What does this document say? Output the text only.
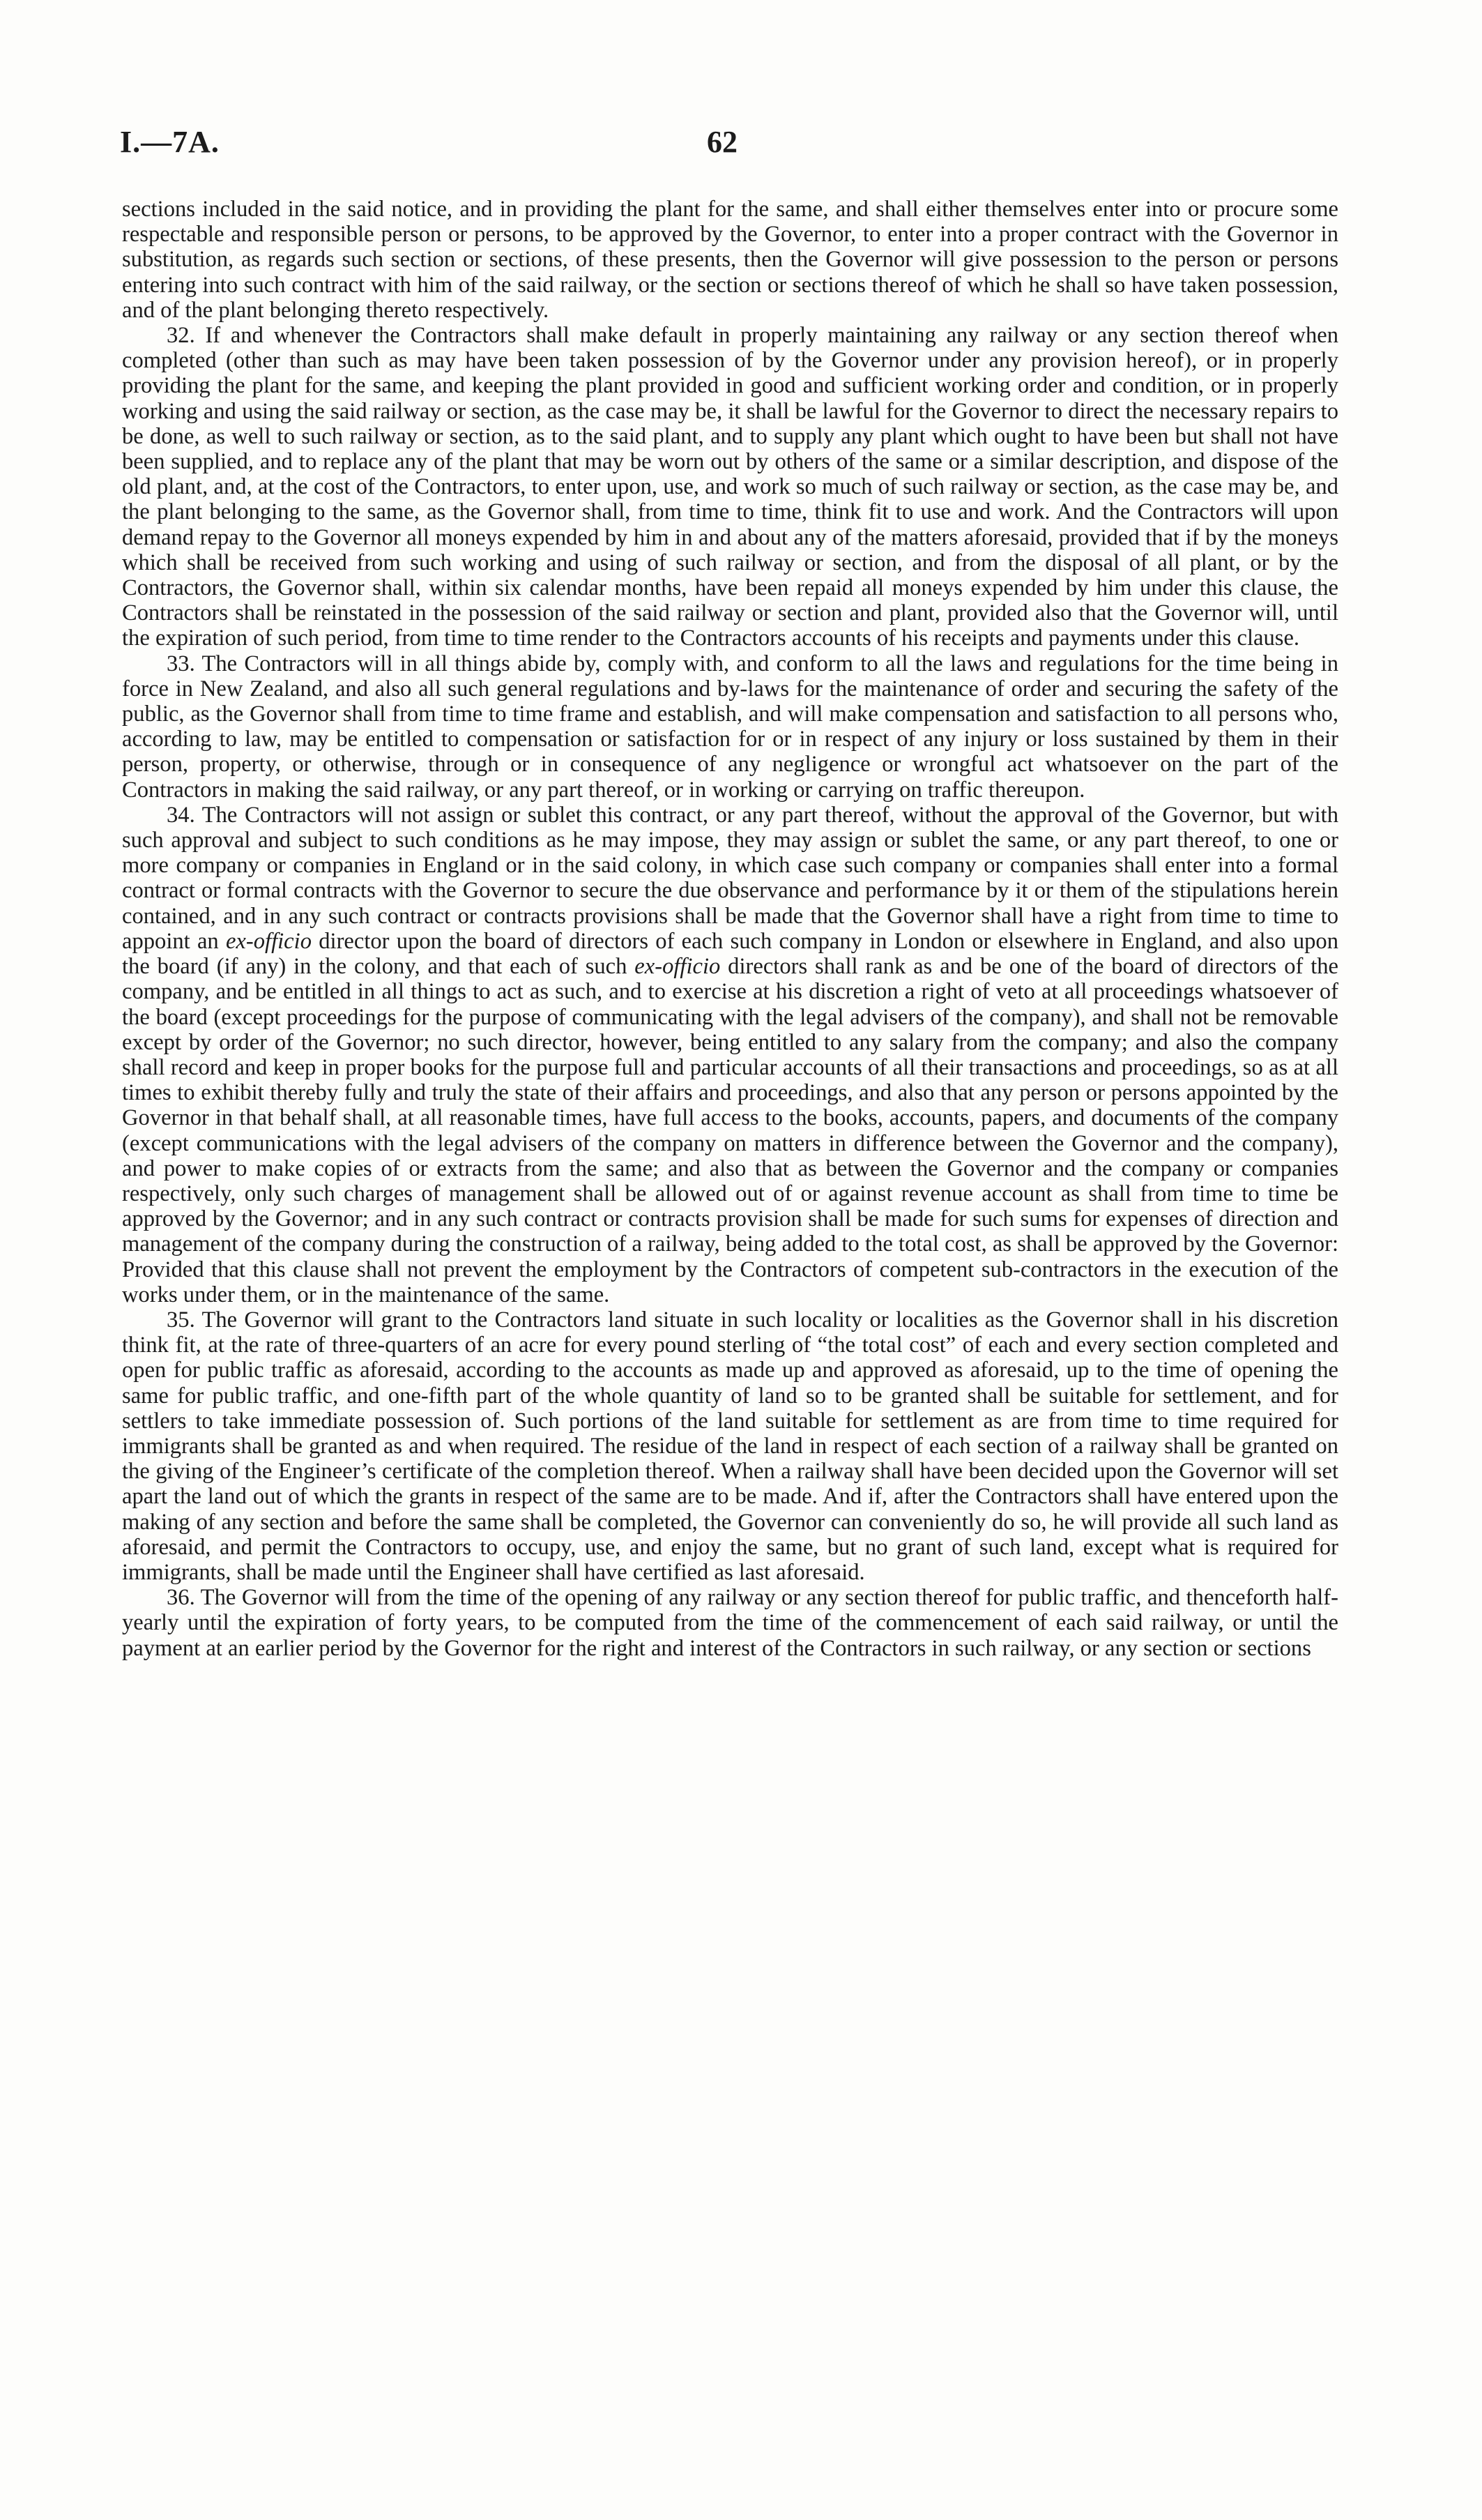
I.—7A.	62

sections included in the said notice, and in providing the plant for the same, and shall either themselves enter into or procure some respectable and responsible person or persons, to be approved by the Governor, to enter into a proper contract with the Governor in substitution, as regards such section or sections, of these presents, then the Governor will give possession to the person or persons entering into such contract with him of the said railway, or the section or sections thereof of which he shall so have taken possession, and of the plant belonging thereto respectively.

32. If and whenever the Contractors shall make default in properly maintaining any railway or any section thereof when completed (other than such as may have been taken possession of by the Governor under any provision hereof), or in properly providing the plant for the same, and keeping the plant provided in good and sufficient working order and condition, or in properly working and using the said railway or section, as the case may be, it shall be lawful for the Governor to direct the necessary repairs to be done, as well to such railway or section, as to the said plant, and to supply any plant which ought to have been but shall not have been supplied, and to replace any of the plant that may be worn out by others of the same or a similar description, and dispose of the old plant, and, at the cost of the Contractors, to enter upon, use, and work so much of such railway or section, as the case may be, and the plant belonging to the same, as the Governor shall, from time to time, think fit to use and work. And the Contractors will upon demand repay to the Governor all moneys expended by him in and about any of the matters aforesaid, provided that if by the moneys which shall be received from such working and using of such railway or section, and from the disposal of all plant, or by the Contractors, the Governor shall, within six calendar months, have been repaid all moneys expended by him under this clause, the Contractors shall be reinstated in the possession of the said railway or section and plant, provided also that the Governor will, until the expiration of such period, from time to time render to the Contractors accounts of his receipts and payments under this clause.

33. The Contractors will in all things abide by, comply with, and conform to all the laws and regulations for the time being in force in New Zealand, and also all such general regulations and by-laws for the maintenance of order and securing the safety of the public, as the Governor shall from time to time frame and establish, and will make compensation and satisfaction to all persons who, according to law, may be entitled to compensation or satisfaction for or in respect of any injury or loss sustained by them in their person, property, or otherwise, through or in consequence of any negligence or wrongful act whatsoever on the part of the Contractors in making the said railway, or any part thereof, or in working or carrying on traffic thereupon.

34. The Contractors will not assign or sublet this contract, or any part thereof, without the approval of the Governor, but with such approval and subject to such conditions as he may impose, they may assign or sublet the same, or any part thereof, to one or more company or companies in England or in the said colony, in which case such company or companies shall enter into a formal contract or formal contracts with the Governor to secure the due observance and performance by it or them of the stipulations herein contained, and in any such contract or contracts provisions shall be made that the Governor shall have a right from time to time to appoint an ex-officio director upon the board of directors of each such company in London or elsewhere in England, and also upon the board (if any) in the colony, and that each of such ex-officio directors shall rank as and be one of the board of directors of the company, and be entitled in all things to act as such, and to exercise at his discretion a right of veto at all proceedings whatsoever of the board (except proceedings for the purpose of communicating with the legal advisers of the company), and shall not be removable except by order of the Governor; no such director, however, being entitled to any salary from the company; and also the company shall record and keep in proper books for the purpose full and particular accounts of all their transactions and proceedings, so as at all times to exhibit thereby fully and truly the state of their affairs and proceedings, and also that any person or persons appointed by the Governor in that behalf shall, at all reasonable times, have full access to the books, accounts, papers, and documents of the company (except communications with the legal advisers of the company on matters in difference between the Governor and the company), and power to make copies of or extracts from the same; and also that as between the Governor and the company or companies respectively, only such charges of management shall be allowed out of or against revenue account as shall from time to time be approved by the Governor; and in any such contract or contracts provision shall be made for such sums for expenses of direction and management of the company during the construction of a railway, being added to the total cost, as shall be approved by the Governor: Provided that this clause shall not prevent the employment by the Contractors of competent sub-contractors in the execution of the works under them, or in the maintenance of the same.

35. The Governor will grant to the Contractors land situate in such locality or localities as the Governor shall in his discretion think fit, at the rate of three-quarters of an acre for every pound sterling of “the total cost” of each and every section completed and open for public traffic as aforesaid, according to the accounts as made up and approved as aforesaid, up to the time of opening the same for public traffic, and one-fifth part of the whole quantity of land so to be granted shall be suitable for settlement, and for settlers to take immediate possession of. Such portions of the land suitable for settlement as are from time to time required for immigrants shall be granted as and when required. The residue of the land in respect of each section of a railway shall be granted on the giving of the Engineer’s certificate of the completion thereof. When a railway shall have been decided upon the Governor will set apart the land out of which the grants in respect of the same are to be made. And if, after the Contractors shall have entered upon the making of any section and before the same shall be completed, the Governor can conveniently do so, he will provide all such land as aforesaid, and permit the Contractors to occupy, use, and enjoy the same, but no grant of such land, except what is required for immigrants, shall be made until the Engineer shall have certified as last aforesaid.

36. The Governor will from the time of the opening of any railway or any section thereof for public traffic, and thenceforth half-yearly until the expiration of forty years, to be computed from the time of the commencement of each said railway, or until the payment at an earlier period by the Governor for the right and interest of the Contractors in such railway, or any section or sections
